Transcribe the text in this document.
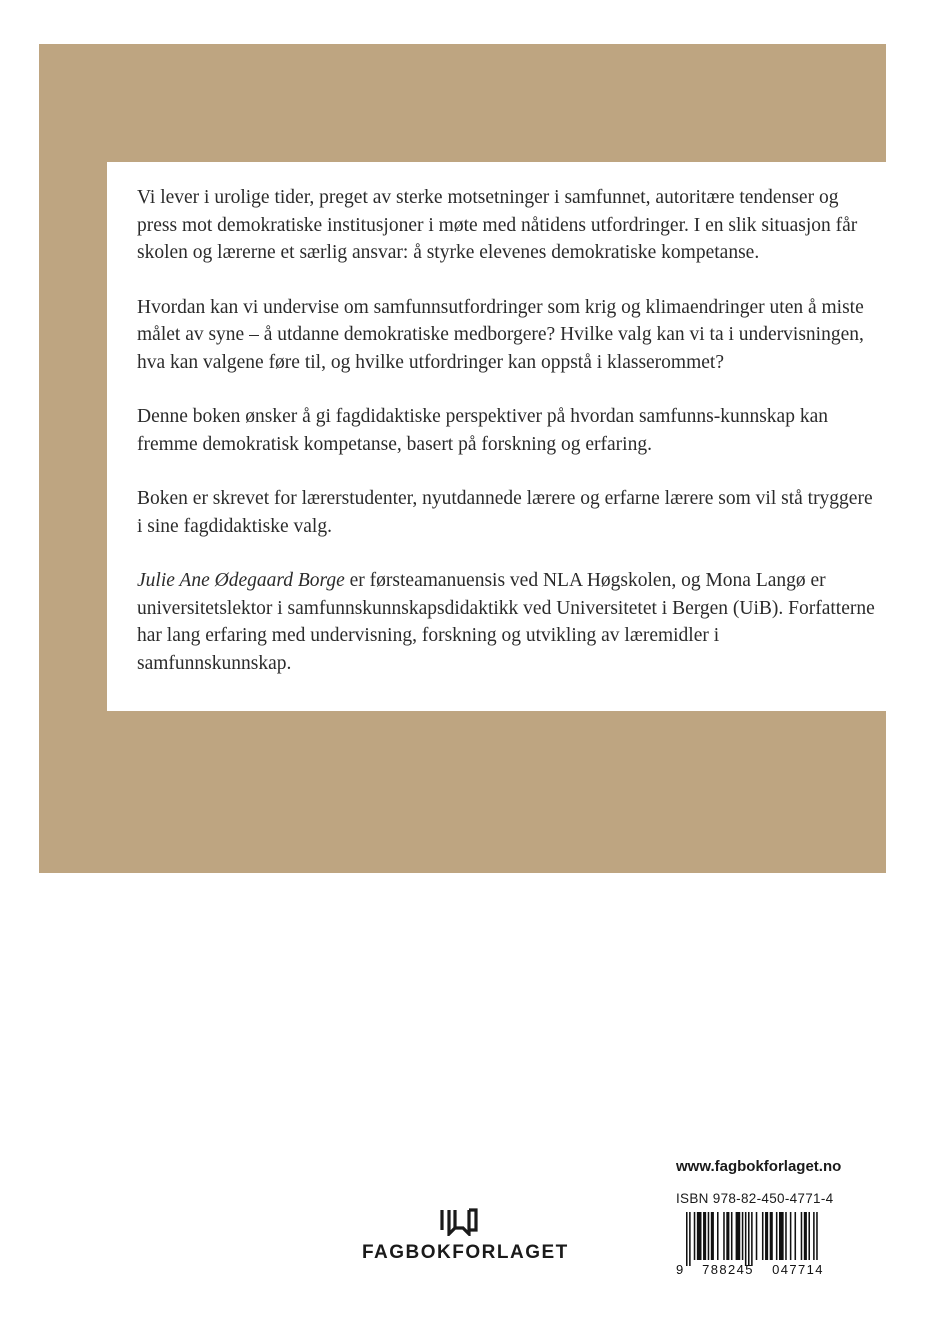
Vi lever i urolige tider, preget av sterke motsetninger i samfunnet, autoritære tendenser og press mot demokratiske institusjoner i møte med nåtidens utfordringer. I en slik situasjon får skolen og lærerne et særlig ansvar: å styrke elevenes demokratiske kompetanse.

Hvordan kan vi undervise om samfunnsutfordringer som krig og klimaendringer uten å miste målet av syne – å utdanne demokratiske medborgere? Hvilke valg kan vi ta i undervisningen, hva kan valgene føre til, og hvilke utfordringer kan oppstå i klasserommet?

Denne boken ønsker å gi fagdidaktiske perspektiver på hvordan samfunns-kunnskap kan fremme demokratisk kompetanse, basert på forskning og erfaring.

Boken er skrevet for lærerstudenter, nyutdannede lærere og erfarne lærere som vil stå tryggere i sine fagdidaktiske valg.

Julie Ane Ødegaard Borge er førsteamanuensis ved NLA Høgskolen, og Mona Langø er universitetslektor i samfunnskunnskapsdidaktikk ved Universitetet i Bergen (UiB). Forfatterne har lang erfaring med undervisning, forskning og utvikling av læremidler i samfunnskunnskap.

FAGBOKFORLAGET
www.fagbokforlaget.no
ISBN 978-82-450-4771-4
9 788245 047714
